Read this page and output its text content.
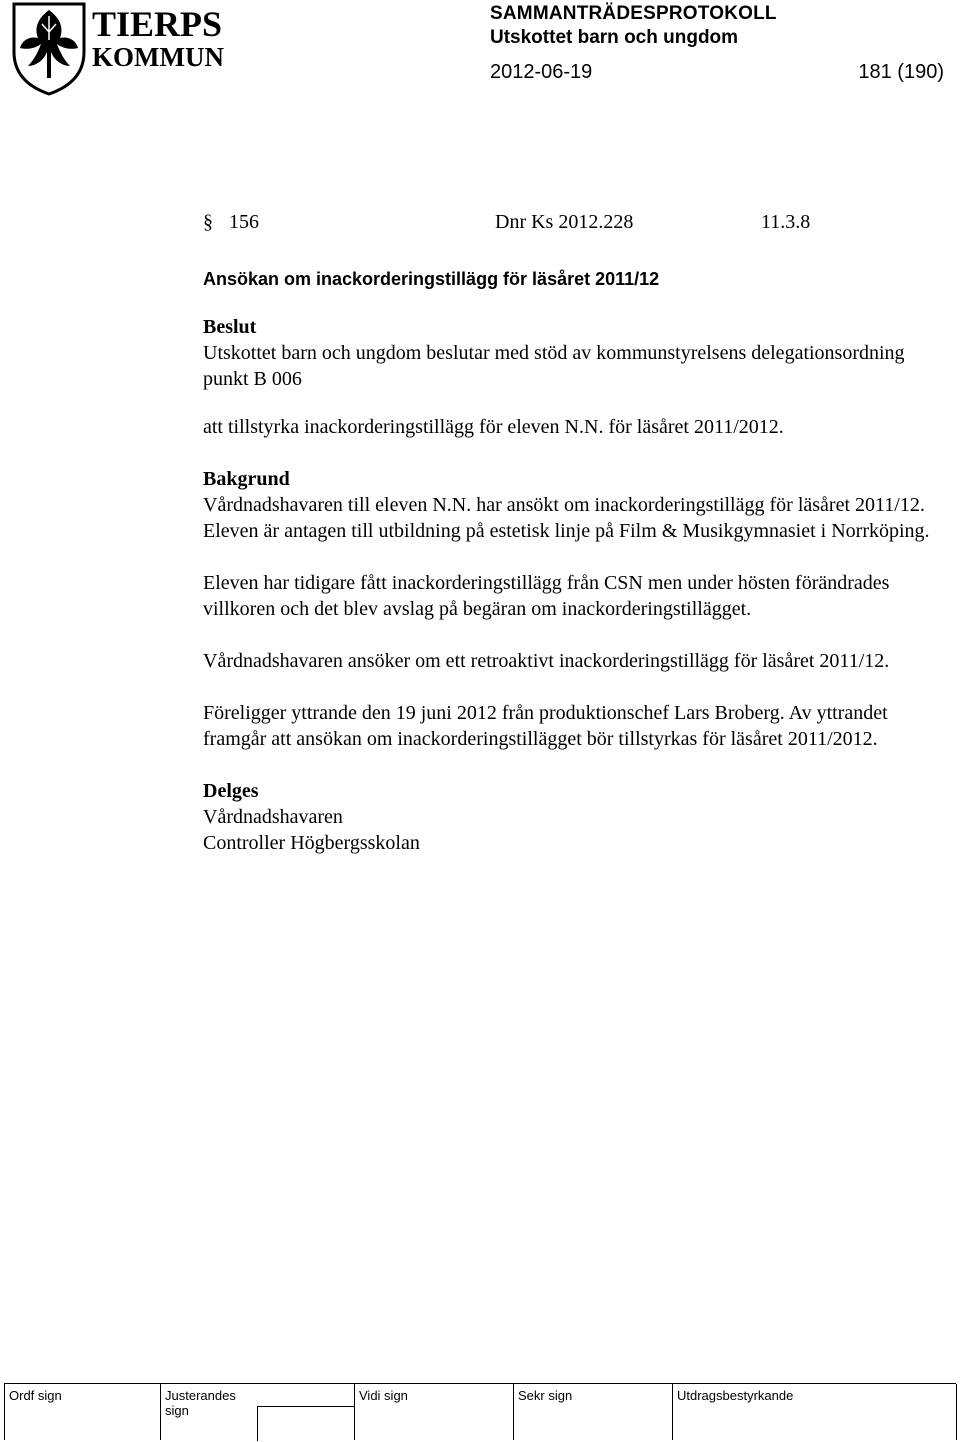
TIERPS
KOMMUN
SAMMANTRÄDESPROTOKOLL
Utskottet barn och ungdom
2012-06-19	181 (190)
§ 156	Dnr Ks 2012.228	11.3.8
Ansökan om inackorderingstillägg för läsåret 2011/12
Beslut

Utskottet barn och ungdom beslutar med stöd av kommunstyrelsens delegationsordning punkt B 006

att tillstyrka inackorderingstillägg för eleven N.N. för läsåret 2011/2012.

Bakgrund

Vårdnadshavaren till eleven N.N. har ansökt om inackorderingstillägg för läsåret 2011/12. Eleven är antagen till utbildning på estetisk linje på Film & Musikgymnasiet i Norrköping.

Eleven har tidigare fått inackorderingstillägg från CSN men under hösten förändrades villkoren och det blev avslag på begäran om inackorderingstillägget.

Vårdnadshavaren ansöker om ett retroaktivt inackorderingstillägg för läsåret 2011/12.

Föreligger yttrande den 19 juni 2012 från produktionschef Lars Broberg. Av yttrandet framgår att ansökan om inackorderingstillägget bör tillstyrkas för läsåret 2011/2012.

Delges
Vårdnadshavaren
Controller Högbergsskolan
Ordf sign	Justerandes sign
Vidi sign	Sekr sign	Utdragsbestyrkande
